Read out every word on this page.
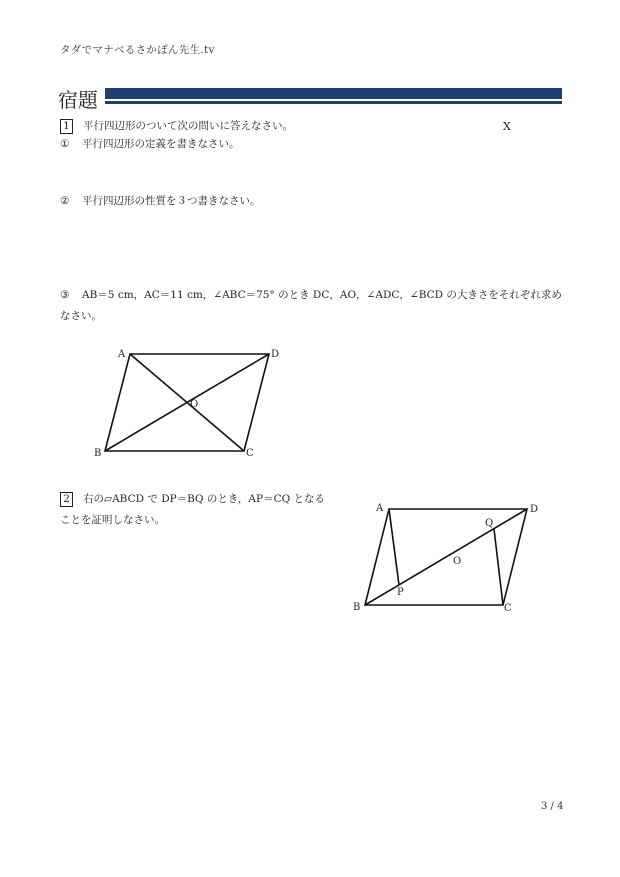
タダでマナベるさかぽん先生.tv
宿題
1 平行四辺形のついて次の問いに答えなさい。	X
① 平行四辺形の定義を書きなさい。
② 平行四辺形の性質を３つ書きなさい。
③ AB＝5 cm，AC＝11 cm，∠ABC＝75° のとき DC，AO，∠ADC，∠BCD の大きさをそれぞれ求め
なさい。
A	D
B	C
O
2 右の▱ABCD で DP＝BQ のとき，AP＝CQ となる
ことを証明しなさい。
A	D
B	C
O
P
Q
3 / 4
